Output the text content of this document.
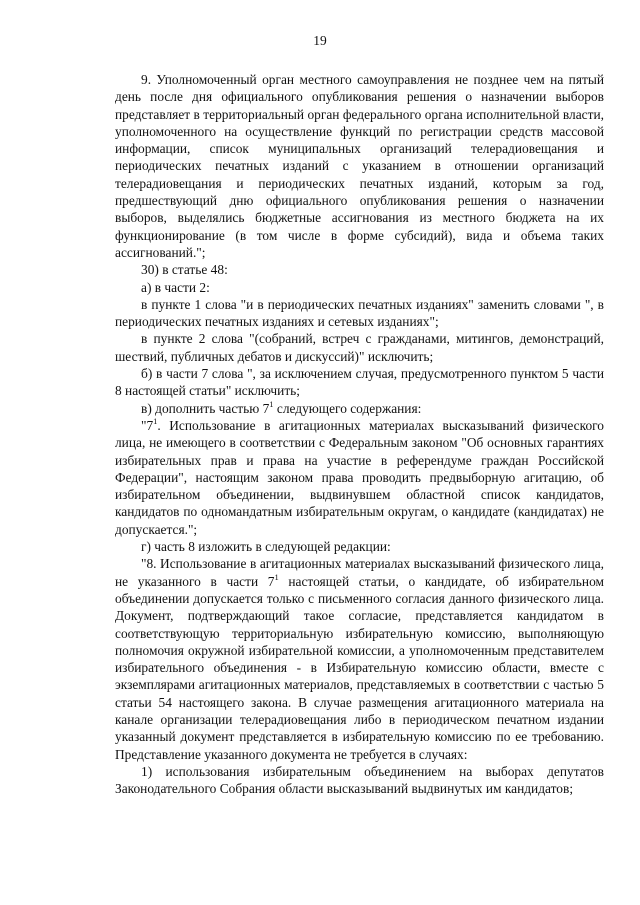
19

9. Уполномоченный орган местного самоуправления не позднее чем на пятый день после дня официального опубликования решения о назначении выборов представляет в территориальный орган федерального органа исполнительной власти, уполномоченного на осуществление функций по регистрации средств массовой информации, список муниципальных организаций телерадиовещания и периодических печатных изданий с указанием в отношении организаций телерадиовещания и периодических печатных изданий, которым за год, предшествующий дню официального опубликования решения о назначении выборов, выделялись бюджетные ассигнования из местного бюджета на их функционирование (в том числе в форме субсидий), вида и объема таких ассигнований.";

30) в статье 48:

а) в части 2:

в пункте 1 слова "и в периодических печатных изданиях" заменить словами ", в периодических печатных изданиях и сетевых изданиях";

в пункте 2 слова "(собраний, встреч с гражданами, митингов, демонстраций, шествий, публичных дебатов и дискуссий)" исключить;

б) в части 7 слова ", за исключением случая, предусмотренного пунктом 5 части 8 настоящей статьи" исключить;

в) дополнить частью $7^1$ следующего содержания:

"$7^1$. Использование в агитационных материалах высказываний физического лица, не имеющего в соответствии с Федеральным законом "Об основных гарантиях избирательных прав и права на участие в референдуме граждан Российской Федерации", настоящим законом права проводить предвыборную агитацию, об избирательном объединении, выдвинувшем областной список кандидатов, кандидатов по одномандатным избирательным округам, о кандидате (кандидатах) не допускается.";

г) часть 8 изложить в следующей редакции:

"8. Использование в агитационных материалах высказываний физического лица, не указанного в части $7^1$ настоящей статьи, о кандидате, об избирательном объединении допускается только с письменного согласия данного физического лица. Документ, подтверждающий такое согласие, представляется кандидатом в соответствующую территориальную избирательную комиссию, выполняющую полномочия окружной избирательной комиссии, а уполномоченным представителем избирательного объединения - в Избирательную комиссию области, вместе с экземплярами агитационных материалов, представляемых в соответствии с частью 5 статьи 54 настоящего закона. В случае размещения агитационного материала на канале организации телерадиовещания либо в периодическом печатном издании указанный документ представляется в избирательную комиссию по ее требованию. Представление указанного документа не требуется в случаях:

1) использования избирательным объединением на выборах депутатов Законодательного Собрания области высказываний выдвинутых им кандидатов;
